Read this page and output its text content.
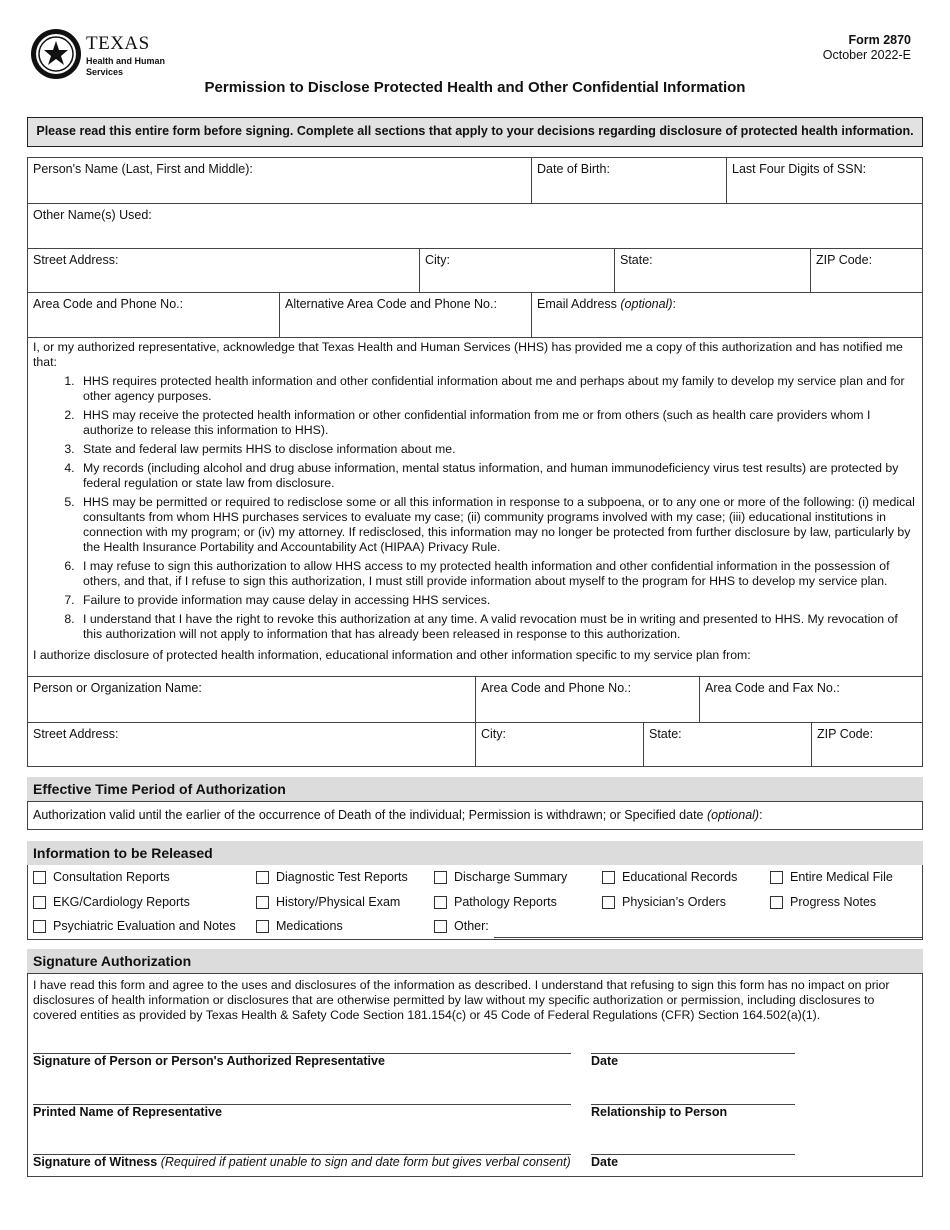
TEXAS
Health and Human Services
Form 2870
October 2022-E
Permission to Disclose Protected Health and Other Confidential Information
Please read this entire form before signing. Complete all sections that apply to your decisions regarding disclosure of protected health information.
Person's Name (Last, First and Middle):	Date of Birth:	Last Four Digits of SSN:
Other Name(s) Used:
Street Address:	City:	State:	ZIP Code:
Area Code and Phone No.:	Alternative Area Code and Phone No.:	Email Address (optional):
I, or my authorized representative, acknowledge that Texas Health and Human Services (HHS) has provided me a copy of this authorization and has notified me that:
1. HHS requires protected health information and other confidential information about me and perhaps about my family to develop my service plan and for other agency purposes.
2. HHS may receive the protected health information or other confidential information from me or from others (such as health care providers whom I authorize to release this information to HHS).
3. State and federal law permits HHS to disclose information about me.
4. My records (including alcohol and drug abuse information, mental status information, and human immunodeficiency virus test results) are protected by federal regulation or state law from disclosure.
5. HHS may be permitted or required to redisclose some or all this information in response to a subpoena, or to any one or more of the following: (i) medical consultants from whom HHS purchases services to evaluate my case; (ii) community programs involved with my case; (iii) educational institutions in connection with my program; or (iv) my attorney. If redisclosed, this information may no longer be protected from further disclosure by law, particularly by the Health Insurance Portability and Accountability Act (HIPAA) Privacy Rule.
6. I may refuse to sign this authorization to allow HHS access to my protected health information and other confidential information in the possession of others, and that, if I refuse to sign this authorization, I must still provide information about myself to the program for HHS to develop my service plan.
7. Failure to provide information may cause delay in accessing HHS services.
8. I understand that I have the right to revoke this authorization at any time. A valid revocation must be in writing and presented to HHS. My revocation of this authorization will not apply to information that has already been released in response to this authorization.
I authorize disclosure of protected health information, educational information and other information specific to my service plan from:
Person or Organization Name:	Area Code and Phone No.:	Area Code and Fax No.:
Street Address:	City:	State:	ZIP Code:
Effective Time Period of Authorization
Authorization valid until the earlier of the occurrence of Death of the individual; Permission is withdrawn; or Specified date (optional):
Information to be Released
Consultation Reports	Diagnostic Test Reports	Discharge Summary	Educational Records	Entire Medical File
EKG/Cardiology Reports	History/Physical Exam	Pathology Reports	Physician’s Orders	Progress Notes
Psychiatric Evaluation and Notes	Medications	Other:
Signature Authorization
I have read this form and agree to the uses and disclosures of the information as described. I understand that refusing to sign this form has no impact on prior disclosures of health information or disclosures that are otherwise permitted by law without my specific authorization or permission, including disclosures to covered entities as provided by Texas Health & Safety Code Section 181.154(c) or 45 Code of Federal Regulations (CFR) Section 164.502(a)(1).
Signature of Person or Person's Authorized Representative	Date
Printed Name of Representative	Relationship to Person
Signature of Witness (Required if patient unable to sign and date form but gives verbal consent) Date
